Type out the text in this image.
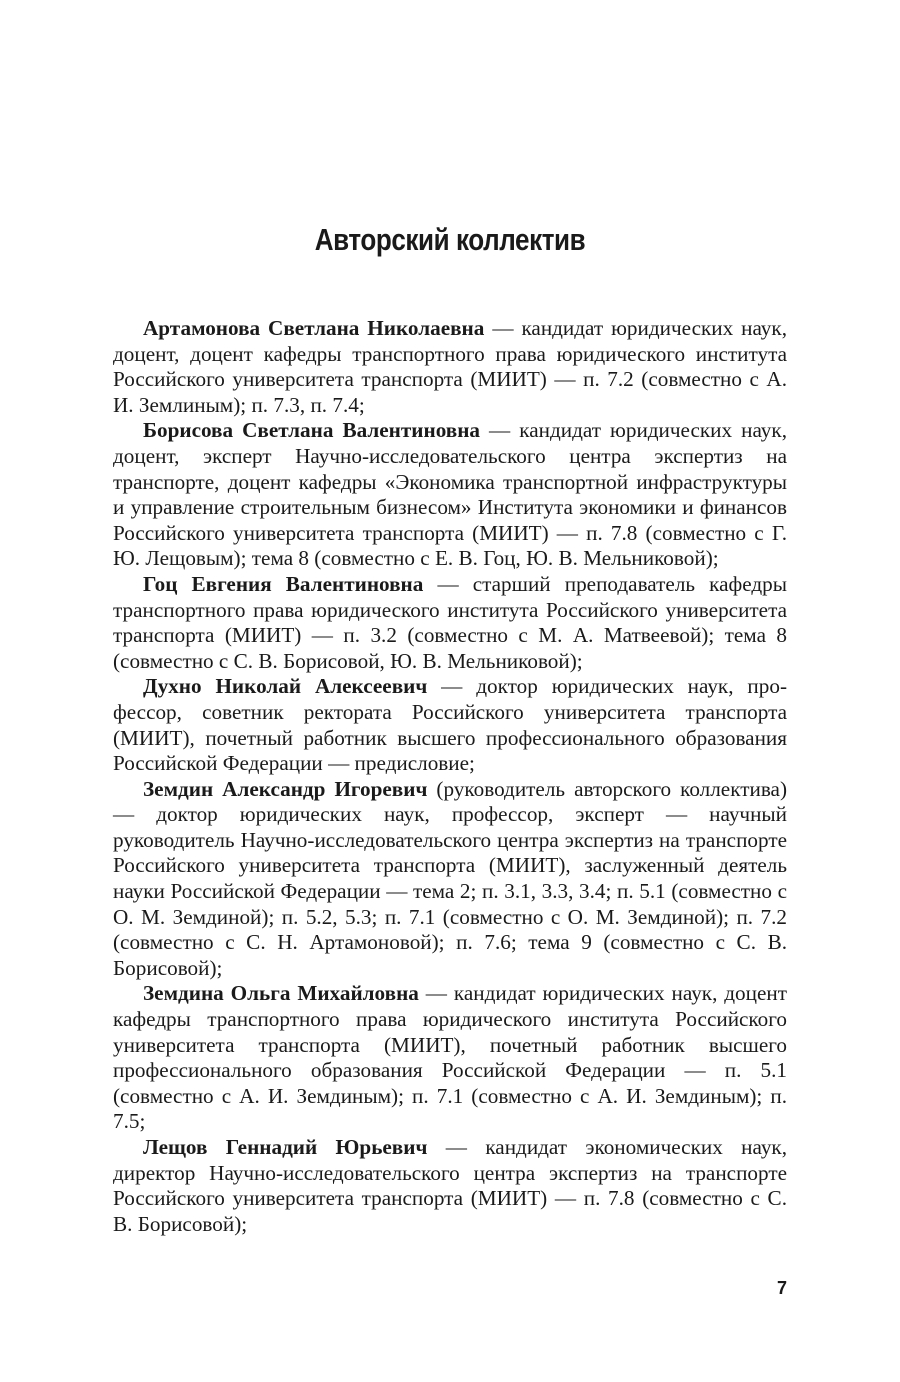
Авторский коллектив

Артамонова Светлана Николаевна — кандидат юридических наук, доцент, доцент кафедры транспортного права юридического института Российского университета транспорта (МИИТ) — п. 7.2 (совместно с А. И. Землиным); п. 7.3, п. 7.4;

Борисова Светлана Валентиновна — кандидат юридических наук, доцент, эксперт Научно-исследовательского центра экспертиз на транспорте, доцент кафедры «Экономика транспортной инфраструктуры и управление строительным бизнесом» Института экономики и финансов Российского университета транспорта (МИИТ) — п. 7.8 (совместно с Г. Ю. Лещовым); тема 8 (совместно с Е. В. Гоц, Ю. В. Мельниковой);

Гоц Евгения Валентиновна — старший преподаватель кафедры транспортного права юридического института Российского университета транспорта (МИИТ) — п. 3.2 (совместно с М. А. Матвеевой); тема 8 (совместно с С. В. Борисовой, Ю. В. Мельниковой);

Духно Николай Алексеевич — доктор юридических наук, профессор, советник ректората Российского университета транспорта (МИИТ), почетный работник высшего профессионального образования Российской Федерации — предисловие;

Земдин Александр Игоревич (руководитель авторского коллектива) — доктор юридических наук, профессор, эксперт — научный руководитель Научно-исследовательского центра экспертиз на транспорте Российского университета транспорта (МИИТ), заслуженный деятель науки Российской Федерации — тема 2; п. 3.1, 3.3, 3.4; п. 5.1 (совместно с О. М. Земдиной); п. 5.2, 5.3; п. 7.1 (совместно с О. М. Земдиной); п. 7.2 (совместно с С. Н. Артамоновой); п. 7.6; тема 9 (совместно с С. В. Борисовой);

Земдина Ольга Михайловна — кандидат юридических наук, доцент кафедры транспортного права юридического института Российского университета транспорта (МИИТ), почетный работник высшего профессионального образования Российской Федерации — п. 5.1 (совместно с А. И. Земдиным); п. 7.1 (совместно с А. И. Земдиным); п. 7.5;

Лещов Геннадий Юрьевич — кандидат экономических наук, директор Научно-исследовательского центра экспертиз на транспорте Российского университета транспорта (МИИТ) — п. 7.8 (совместно с С. В. Борисовой);

7
